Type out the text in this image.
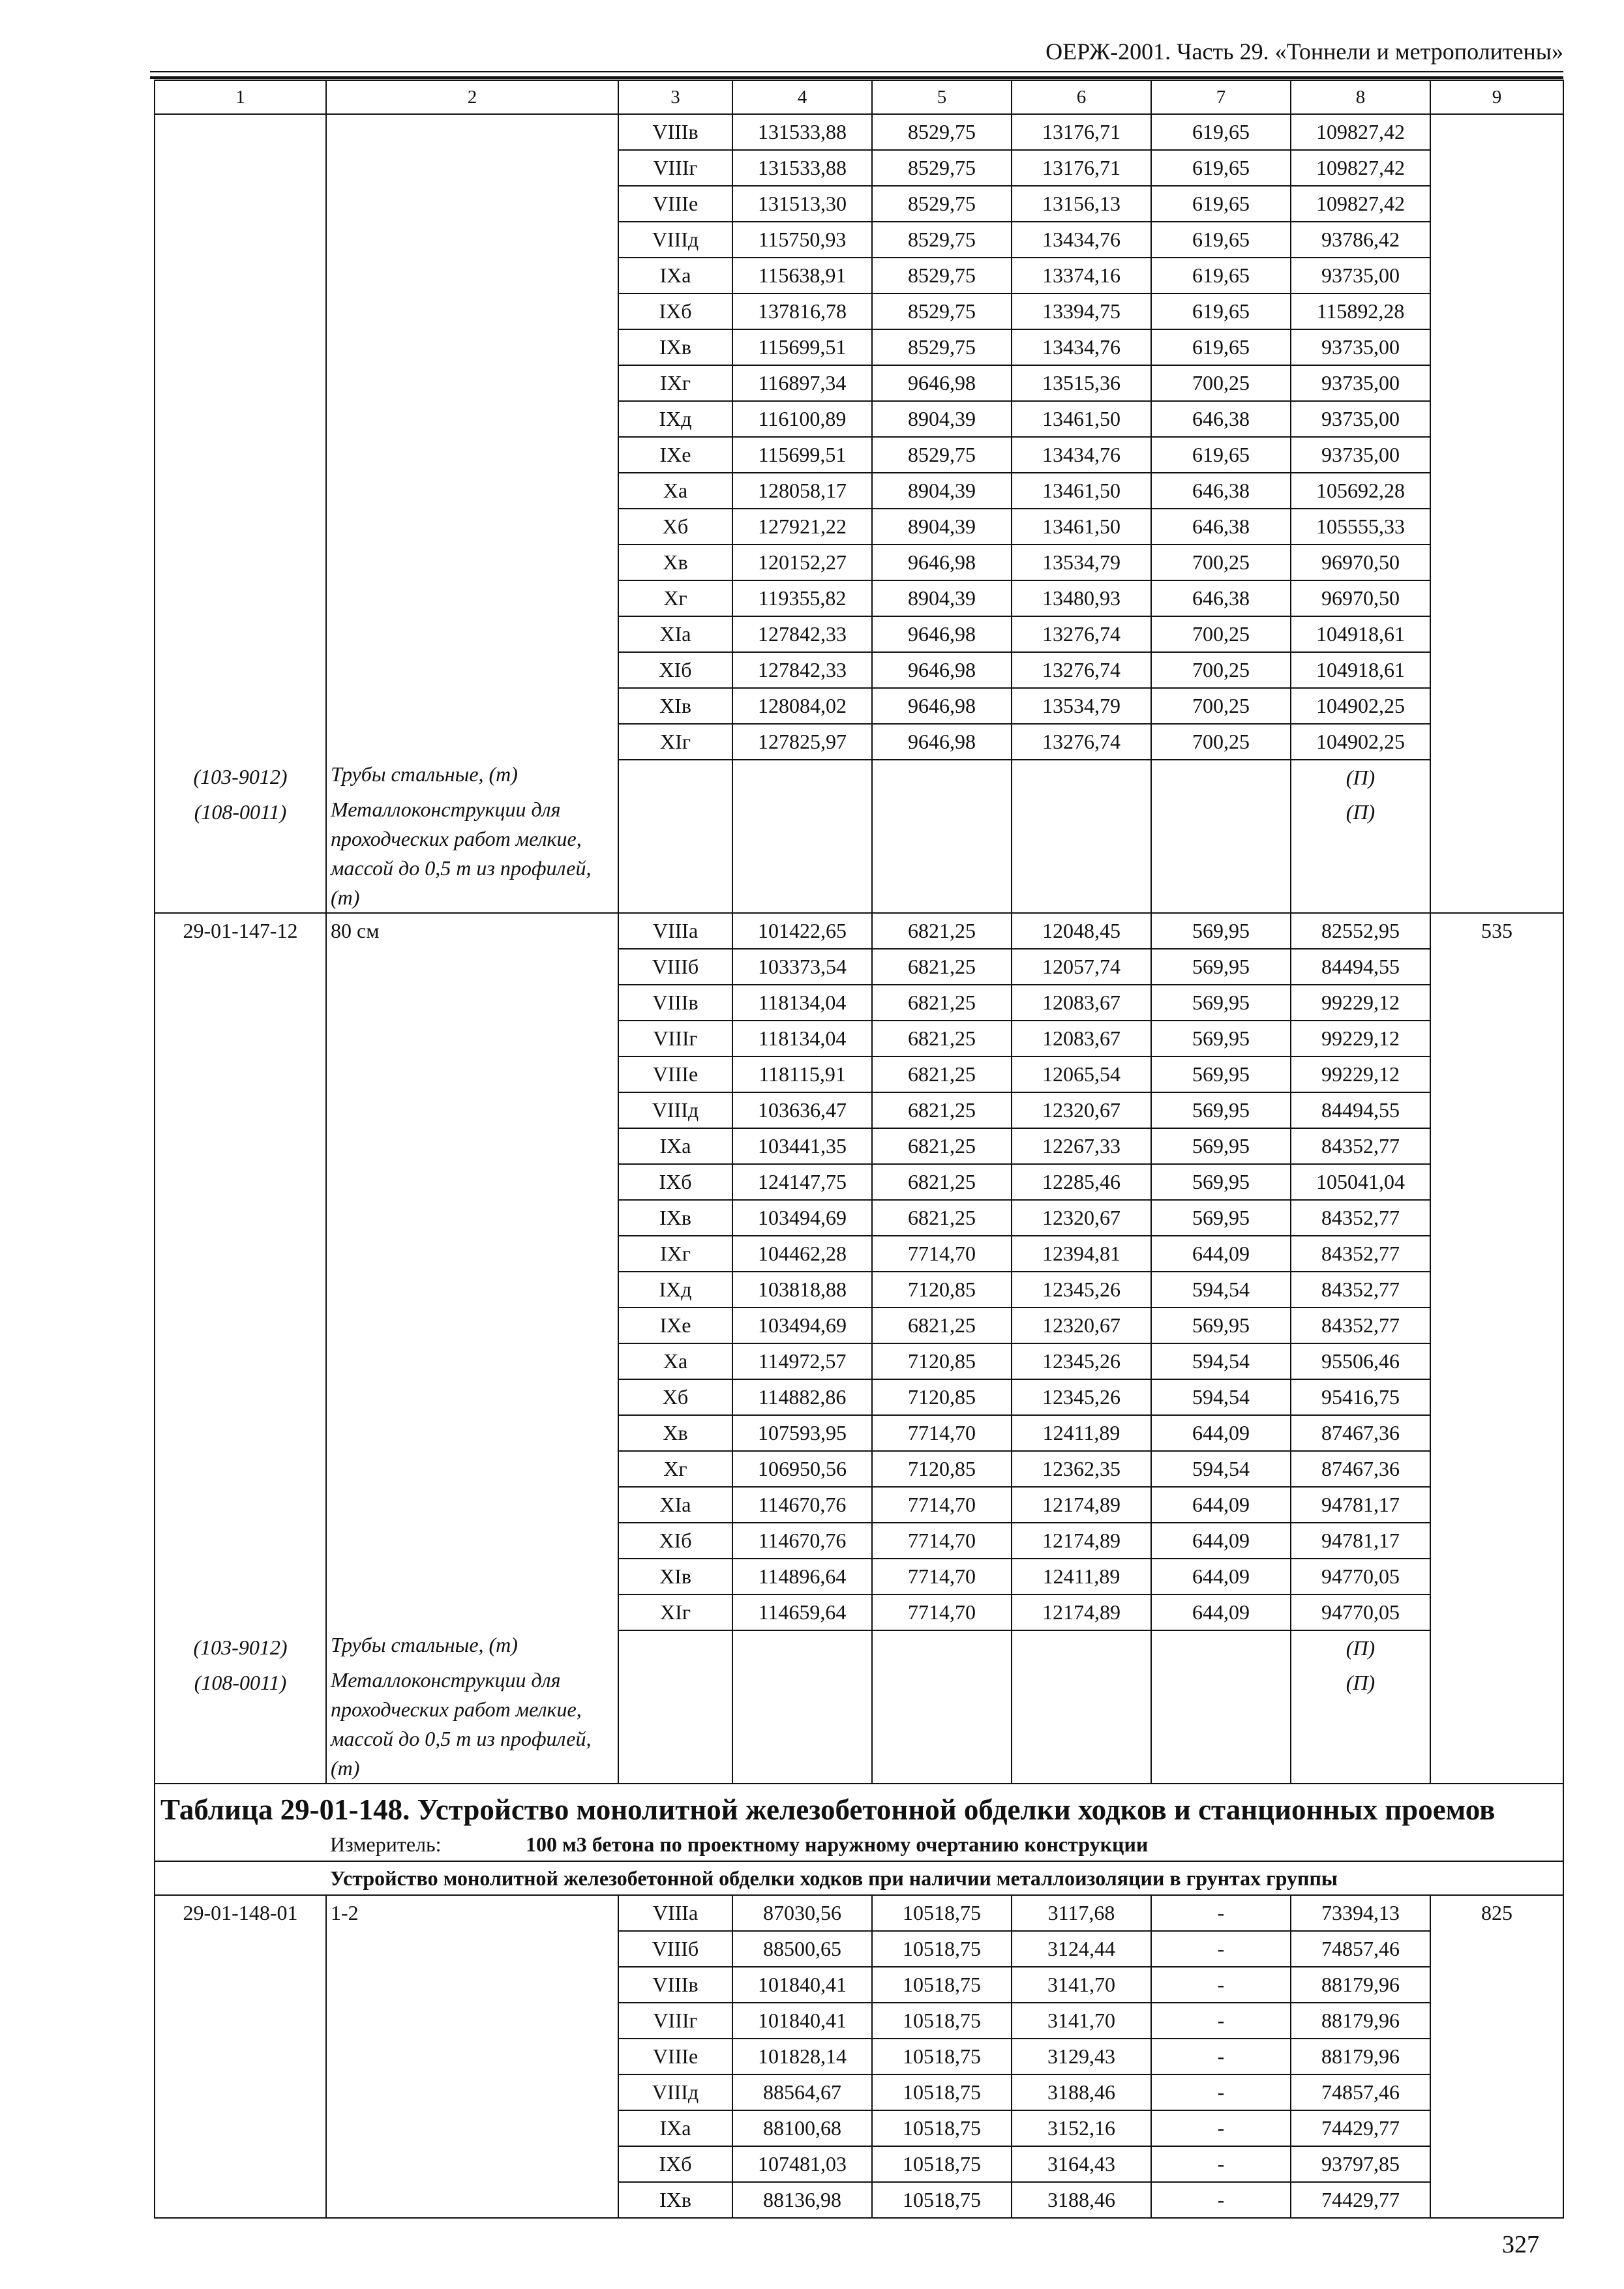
ОЕРЖ-2001. Часть 29. «Тоннели и метрополитены»
1	2	3	4	5	6	7	8	9
		VIIIв	131533,88	8529,75	13176,71	619,65	109827,42	
		VIIIг	131533,88	8529,75	13176,71	619,65	109827,42	
		VIIIе	131513,30	8529,75	13156,13	619,65	109827,42	
		VIIIд	115750,93	8529,75	13434,76	619,65	93786,42	
		IXа	115638,91	8529,75	13374,16	619,65	93735,00	
		IXб	137816,78	8529,75	13394,75	619,65	115892,28	
		IXв	115699,51	8529,75	13434,76	619,65	93735,00	
		IXг	116897,34	9646,98	13515,36	700,25	93735,00	
		IXд	116100,89	8904,39	13461,50	646,38	93735,00	
		IXе	115699,51	8529,75	13434,76	619,65	93735,00	
		Xа	128058,17	8904,39	13461,50	646,38	105692,28	
		Xб	127921,22	8904,39	13461,50	646,38	105555,33	
		Xв	120152,27	9646,98	13534,79	700,25	96970,50	
		Xг	119355,82	8904,39	13480,93	646,38	96970,50	
		XIа	127842,33	9646,98	13276,74	700,25	104918,61	
		XIб	127842,33	9646,98	13276,74	700,25	104918,61	
		XIв	128084,02	9646,98	13534,79	700,25	104902,25	
		XIг	127825,97	9646,98	13276,74	700,25	104902,25	
(103-9012)	Трубы стальные, (т)						(П)	
(108-0011)	Металлоконструкции для проходческих работ мелкие, массой до 0,5 т из профилей, (т)						(П)	
29-01-147-12	80 см	VIIIа	101422,65	6821,25	12048,45	569,95	82552,95	535
		VIIIб	103373,54	6821,25	12057,74	569,95	84494,55	
		VIIIв	118134,04	6821,25	12083,67	569,95	99229,12	
		VIIIг	118134,04	6821,25	12083,67	569,95	99229,12	
		VIIIе	118115,91	6821,25	12065,54	569,95	99229,12	
		VIIIд	103636,47	6821,25	12320,67	569,95	84494,55	
		IXа	103441,35	6821,25	12267,33	569,95	84352,77	
		IXб	124147,75	6821,25	12285,46	569,95	105041,04	
		IXв	103494,69	6821,25	12320,67	569,95	84352,77	
		IXг	104462,28	7714,70	12394,81	644,09	84352,77	
		IXд	103818,88	7120,85	12345,26	594,54	84352,77	
		IXе	103494,69	6821,25	12320,67	569,95	84352,77	
		Xа	114972,57	7120,85	12345,26	594,54	95506,46	
		Xб	114882,86	7120,85	12345,26	594,54	95416,75	
		Xв	107593,95	7714,70	12411,89	644,09	87467,36	
		Xг	106950,56	7120,85	12362,35	594,54	87467,36	
		XIа	114670,76	7714,70	12174,89	644,09	94781,17	
		XIб	114670,76	7714,70	12174,89	644,09	94781,17	
		XIв	114896,64	7714,70	12411,89	644,09	94770,05	
		XIг	114659,64	7714,70	12174,89	644,09	94770,05	
(103-9012)	Трубы стальные, (т)						(П)	
(108-0011)	Металлоконструкции для проходческих работ мелкие, массой до 0,5 т из профилей, (т)						(П)	

Таблица 29-01-148. Устройство монолитной железобетонной обделки ходков и станционных проемов
Измеритель: 100 м3 бетона по проектному наружному очертанию конструкции								

Устройство монолитной железобетонной обделки ходков при наличии металлоизоляции в грунтах группы								
29-01-148-01	1-2	VIIIа	87030,56	10518,75	3117,68	-	73394,13	825
		VIIIб	88500,65	10518,75	3124,44	-	74857,46	
		VIIIв	101840,41	10518,75	3141,70	-	88179,96	
		VIIIг	101840,41	10518,75	3141,70	-	88179,96	
		VIIIе	101828,14	10518,75	3129,43	-	88179,96	
		VIIIд	88564,67	10518,75	3188,46	-	74857,46	
		IXа	88100,68	10518,75	3152,16	-	74429,77	
		IXб	107481,03	10518,75	3164,43	-	93797,85	
		IXв	88136,98	10518,75	3188,46	-	74429,77	
327
